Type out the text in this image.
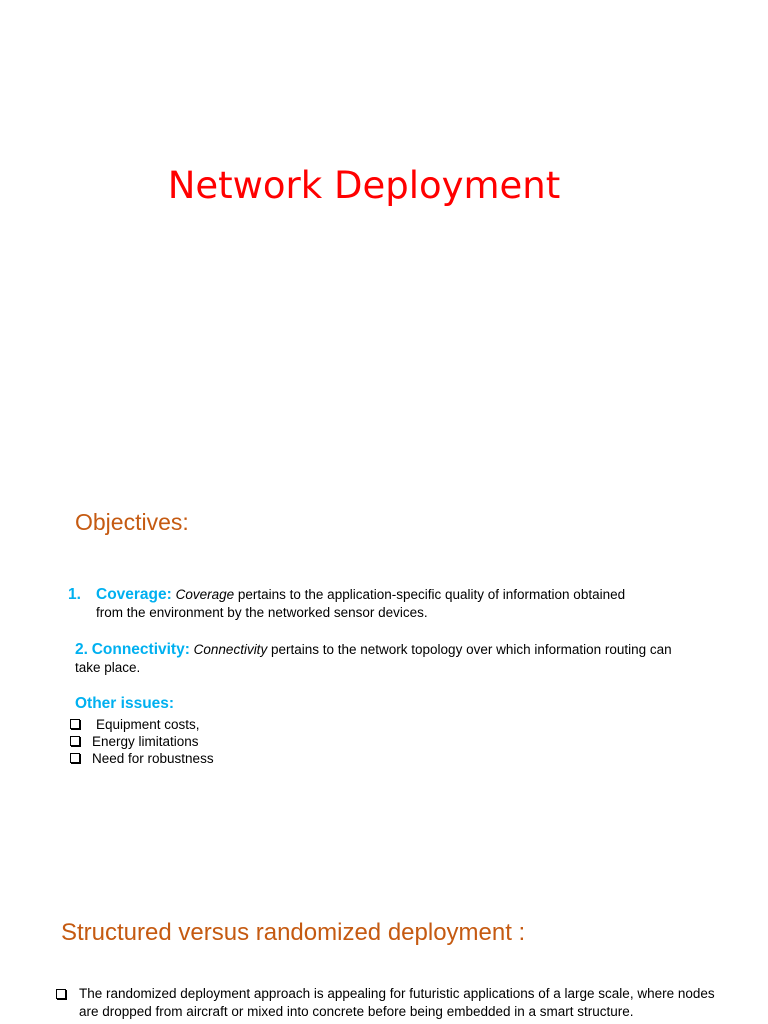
Network Deployment
Objectives:
1. Coverage: Coverage pertains to the application-specific quality of information obtained
from the environment by the networked sensor devices.
2. Connectivity: Connectivity pertains to the network topology over which information routing can take place.
Other issues:
Equipment costs,
Energy limitations
Need for robustness
Structured versus randomized deployment :
The randomized deployment approach is appealing for futuristic applications of a large scale, where nodes are dropped from aircraft or mixed into concrete before being embedded in a smart structure.
